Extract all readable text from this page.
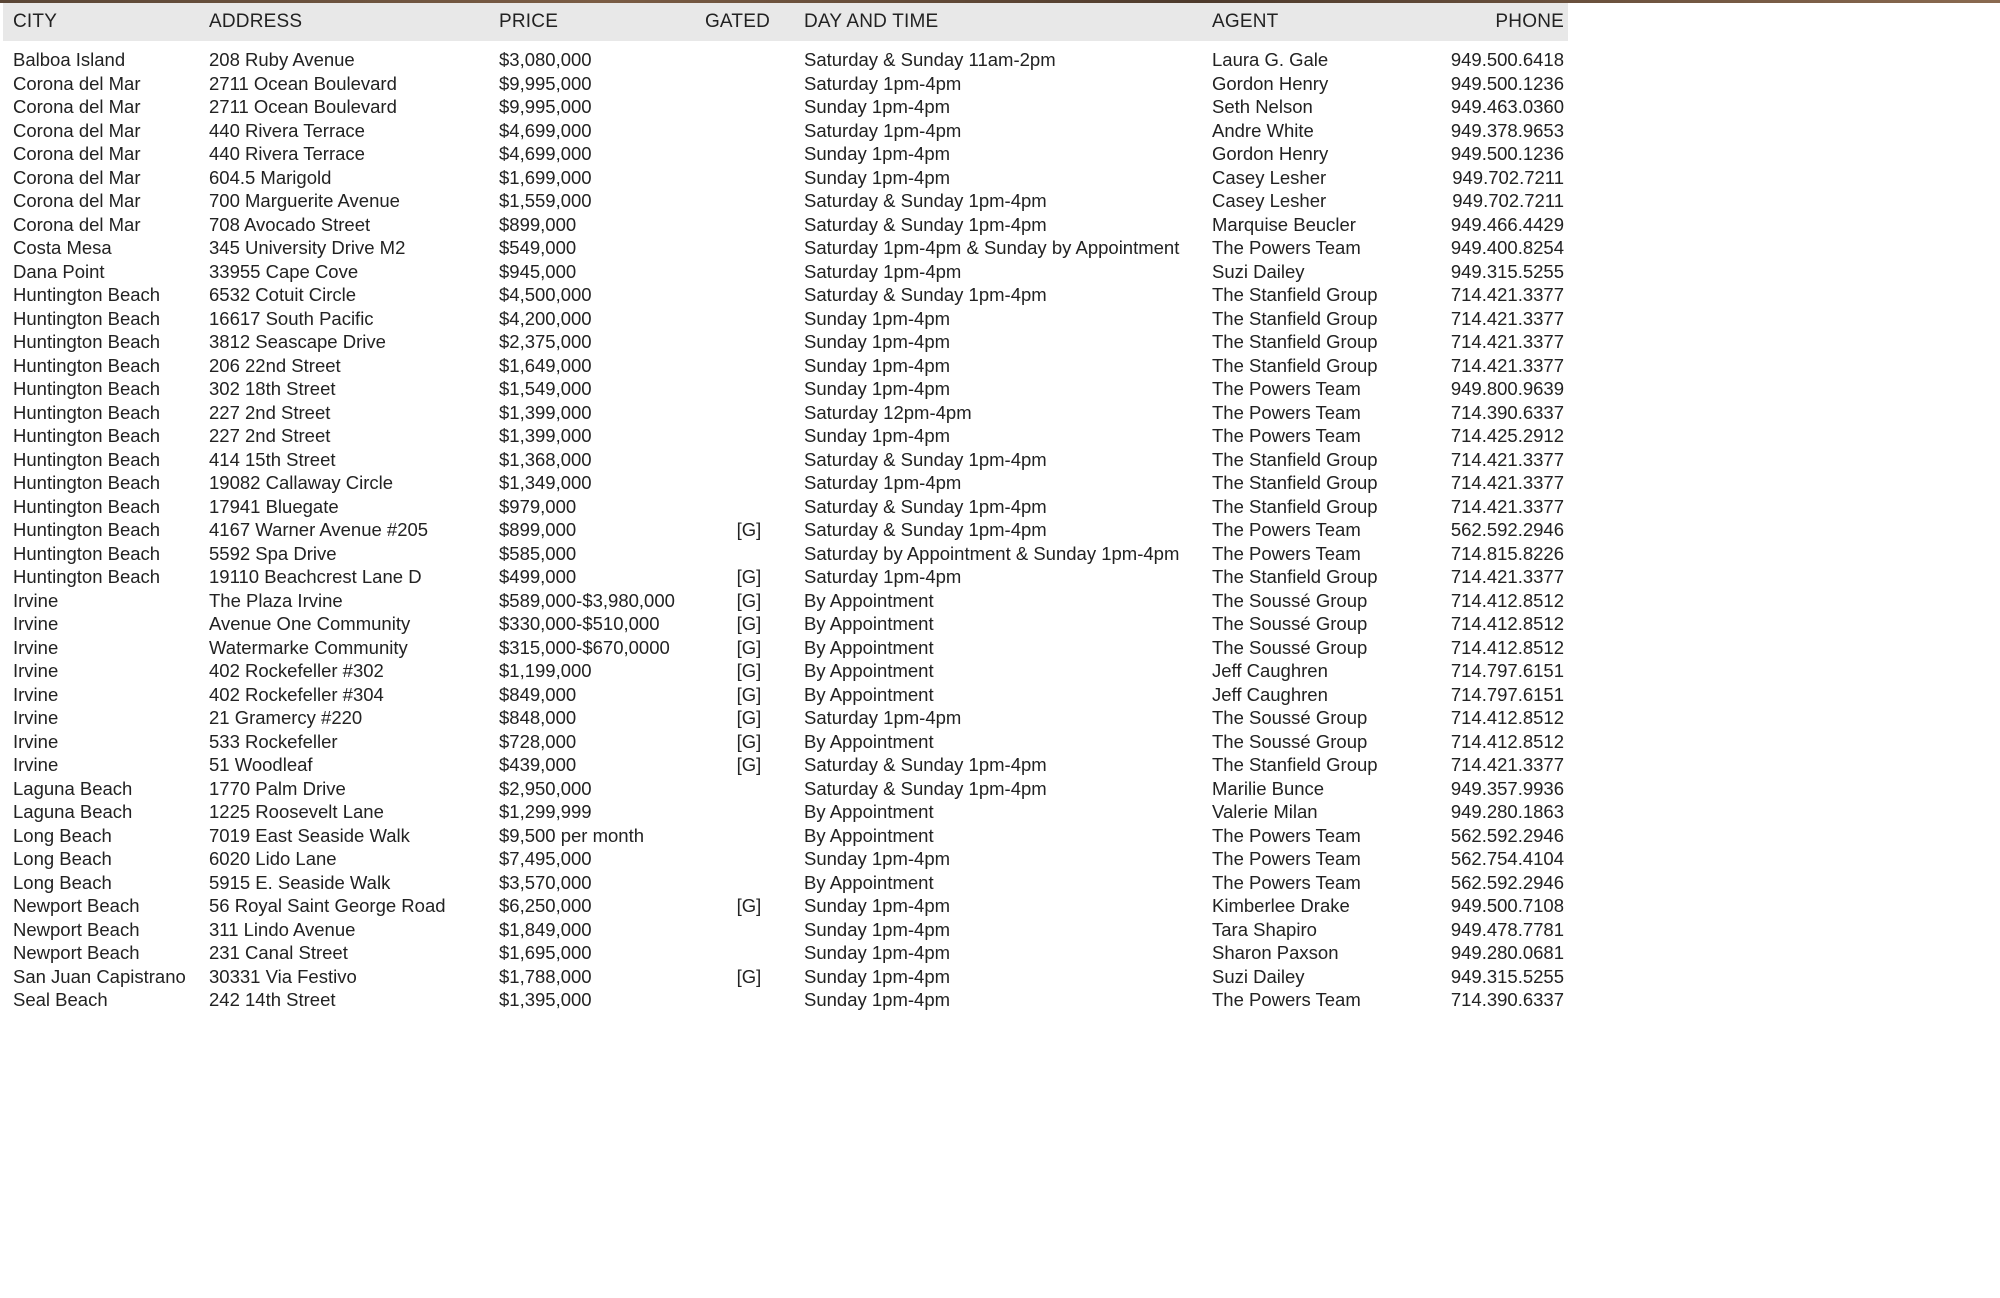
CITY	ADDRESS	PRICE	GATED	DAY AND TIME	AGENT	PHONE
Balboa Island	208 Ruby Avenue	$3,080,000		Saturday & Sunday 11am-2pm	Laura G. Gale	949.500.6418
Corona del Mar	2711 Ocean Boulevard	$9,995,000		Saturday 1pm-4pm	Gordon Henry	949.500.1236
Corona del Mar	2711 Ocean Boulevard	$9,995,000		Sunday 1pm-4pm	Seth Nelson	949.463.0360
Corona del Mar	440 Rivera Terrace	$4,699,000		Saturday 1pm-4pm	Andre White	949.378.9653
Corona del Mar	440 Rivera Terrace	$4,699,000		Sunday 1pm-4pm	Gordon Henry	949.500.1236
Corona del Mar	604.5 Marigold	$1,699,000		Sunday 1pm-4pm	Casey Lesher	949.702.7211
Corona del Mar	700 Marguerite Avenue	$1,559,000		Saturday & Sunday 1pm-4pm	Casey Lesher	949.702.7211
Corona del Mar	708 Avocado Street	$899,000		Saturday & Sunday 1pm-4pm	Marquise Beucler	949.466.4429
Costa Mesa	345 University Drive M2	$549,000		Saturday 1pm-4pm & Sunday by Appointment	The Powers Team	949.400.8254
Dana Point	33955 Cape Cove	$945,000		Saturday 1pm-4pm	Suzi Dailey	949.315.5255
Huntington Beach	6532 Cotuit Circle	$4,500,000		Saturday & Sunday 1pm-4pm	The Stanfield Group	714.421.3377
Huntington Beach	16617 South Pacific	$4,200,000		Sunday 1pm-4pm	The Stanfield Group	714.421.3377
Huntington Beach	3812 Seascape Drive	$2,375,000		Sunday 1pm-4pm	The Stanfield Group	714.421.3377
Huntington Beach	206 22nd Street	$1,649,000		Sunday 1pm-4pm	The Stanfield Group	714.421.3377
Huntington Beach	302 18th Street	$1,549,000		Sunday 1pm-4pm	The Powers Team	949.800.9639
Huntington Beach	227 2nd Street	$1,399,000		Saturday 12pm-4pm	The Powers Team	714.390.6337
Huntington Beach	227 2nd Street	$1,399,000		Sunday 1pm-4pm	The Powers Team	714.425.2912
Huntington Beach	414 15th Street	$1,368,000		Saturday & Sunday 1pm-4pm	The Stanfield Group	714.421.3377
Huntington Beach	19082 Callaway Circle	$1,349,000		Saturday 1pm-4pm	The Stanfield Group	714.421.3377
Huntington Beach	17941 Bluegate	$979,000		Saturday & Sunday 1pm-4pm	The Stanfield Group	714.421.3377
Huntington Beach	4167 Warner Avenue #205	$899,000	[G]	Saturday & Sunday 1pm-4pm	The Powers Team	562.592.2946
Huntington Beach	5592 Spa Drive	$585,000		Saturday by Appointment & Sunday 1pm-4pm	The Powers Team	714.815.8226
Huntington Beach	19110 Beachcrest Lane D	$499,000	[G]	Saturday 1pm-4pm	The Stanfield Group	714.421.3377
Irvine	The Plaza Irvine	$589,000-$3,980,000	[G]	By Appointment	The Soussé Group	714.412.8512
Irvine	Avenue One Community	$330,000-$510,000	[G]	By Appointment	The Soussé Group	714.412.8512
Irvine	Watermarke Community	$315,000-$670,0000	[G]	By Appointment	The Soussé Group	714.412.8512
Irvine	402 Rockefeller #302	$1,199,000	[G]	By Appointment	Jeff Caughren	714.797.6151
Irvine	402 Rockefeller #304	$849,000	[G]	By Appointment	Jeff Caughren	714.797.6151
Irvine	21 Gramercy #220	$848,000	[G]	Saturday 1pm-4pm	The Soussé Group	714.412.8512
Irvine	533 Rockefeller	$728,000	[G]	By Appointment	The Soussé Group	714.412.8512
Irvine	51 Woodleaf	$439,000	[G]	Saturday & Sunday 1pm-4pm	The Stanfield Group	714.421.3377
Laguna Beach	1770 Palm Drive	$2,950,000		Saturday & Sunday 1pm-4pm	Marilie Bunce	949.357.9936
Laguna Beach	1225 Roosevelt Lane	$1,299,999		By Appointment	Valerie Milan	949.280.1863
Long Beach	7019 East Seaside Walk	$9,500 per month		By Appointment	The Powers Team	562.592.2946
Long Beach	6020 Lido Lane	$7,495,000		Sunday 1pm-4pm	The Powers Team	562.754.4104
Long Beach	5915 E. Seaside Walk	$3,570,000		By Appointment	The Powers Team	562.592.2946
Newport Beach	56 Royal Saint George Road	$6,250,000	[G]	Sunday 1pm-4pm	Kimberlee Drake	949.500.7108
Newport Beach	311 Lindo Avenue	$1,849,000		Sunday 1pm-4pm	Tara Shapiro	949.478.7781
Newport Beach	231 Canal Street	$1,695,000		Sunday 1pm-4pm	Sharon Paxson	949.280.0681
San Juan Capistrano	30331 Via Festivo	$1,788,000	[G]	Sunday 1pm-4pm	Suzi Dailey	949.315.5255
Seal Beach	242 14th Street	$1,395,000		Sunday 1pm-4pm	The Powers Team	714.390.6337
